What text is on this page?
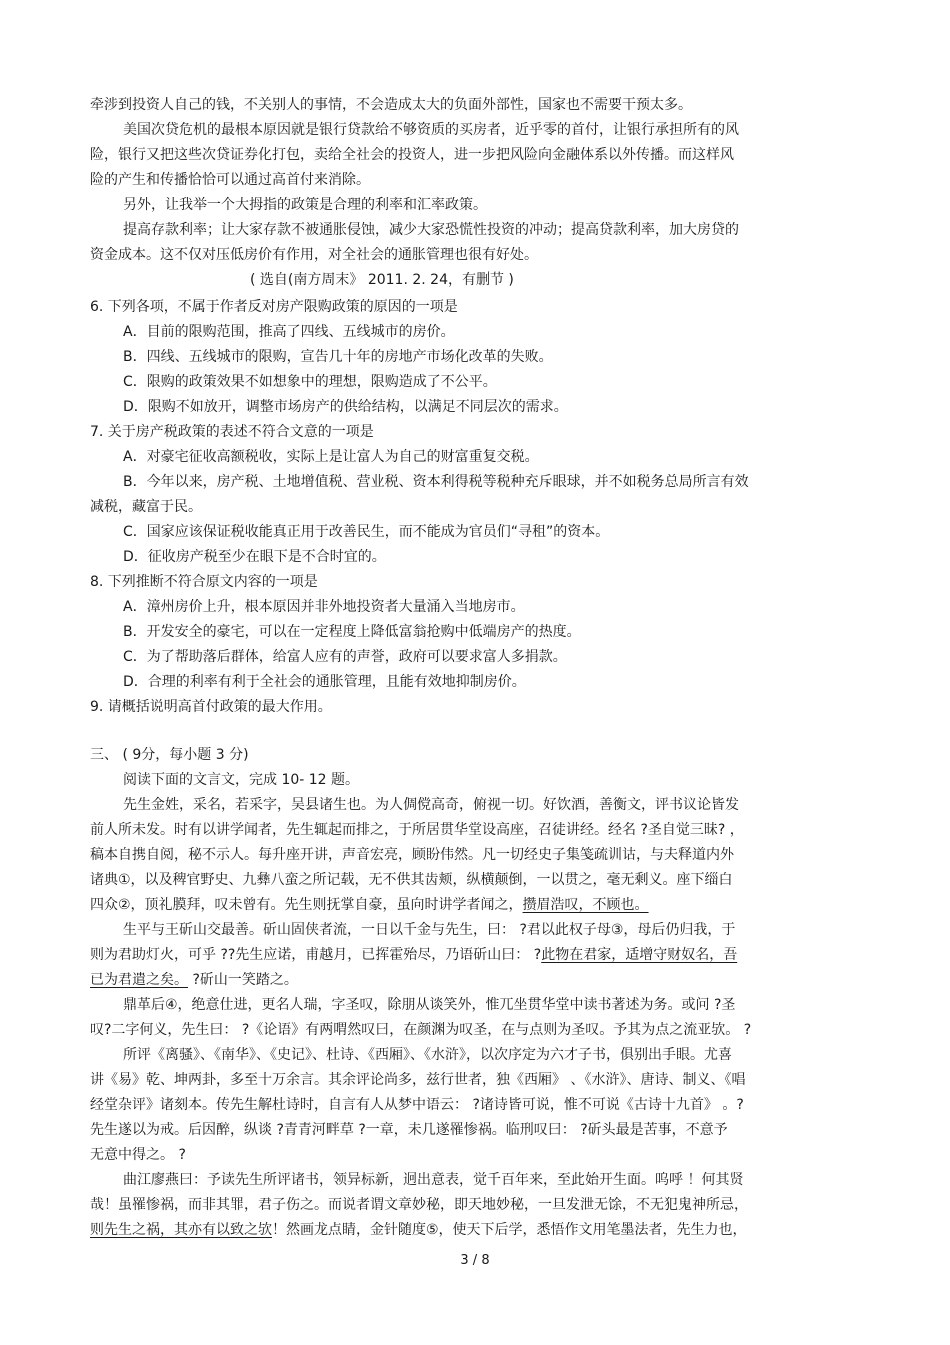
牵涉到投资人自己的钱，不关别人的事情，不会造成太大的负面外部性，国家也不需要干预太多。
美国次贷危机的最根本原因就是银行贷款给不够资质的买房者，近乎零的首付，让银行承担所有的风
险，银行又把这些次贷证券化打包，卖给全社会的投资人，进一步把风险向金融体系以外传播。而这样风
险的产生和传播恰恰可以通过高首付来消除。
另外，让我举一个大拇指的政策是合理的利率和汇率政策。
提高存款利率；让大家存款不被通胀侵蚀，减少大家恐慌性投资的冲动；提高贷款利率，加大房贷的
资金成本。这不仅对压低房价有作用，对全社会的通胀管理也很有好处。
( 选自(南方周末》 2011. 2. 24，有删节 )
6. 下列各项，不属于作者反对房产限购政策的原因的一项是
A．目前的限购范围，推高了四线、五线城市的房价。
B．四线、五线城市的限购，宣告几十年的房地产市场化改革的失败。
C．限购的政策效果不如想象中的理想，限购造成了不公平。
D．限购不如放开，调整市场房产的供给结构，以满足不同层次的需求。
7. 关于房产税政策的表述不符合文意的一项是
A．对豪宅征收高额税收，实际上是让富人为自己的财富重复交税。
B．今年以来，房产税、土地增值税、营业税、资本利得税等税种充斥眼球，并不如税务总局所言有效
减税，藏富于民。
C．国家应该保证税收能真正用于改善民生，而不能成为官员们“寻租”的资本。
D．征收房产税至少在眼下是不合时宜的。
8. 下列推断不符合原文内容的一项是
A．漳州房价上升，根本原因并非外地投资者大量涌入当地房市。
B．开发安全的豪宅，可以在一定程度上降低富翁抢购中低端房产的热度。
C．为了帮助落后群体，给富人应有的声誉，政府可以要求富人多捐款。
D．合理的利率有利于全社会的通胀管理，且能有效地抑制房价。
9. 请概括说明高首付政策的最大作用。
三、 ( 9分，每小题 3 分)
阅读下面的文言文，完成 10- 12 题。
先生金姓，采名，若采字，吴县诸生也。为人倜傥高奇，俯视一切。好饮酒，善衡文，评书议论皆发
前人所未发。时有以讲学闻者，先生辄起而排之，于所居贯华堂设高座，召徒讲经。经名 ?圣自觉三昧? ，
稿本自携自阅，秘不示人。每升座开讲，声音宏亮，顾盼伟然。凡一切经史子集笺疏训诂，与夫释道内外
诸典①，以及稗官野史、九彝八蛮之所记载，无不供其齿颊，纵横颠倒，一以贯之，毫无剩义。座下缁白
四众②，顶礼膜拜，叹未曾有。先生则抚掌自豪，虽向时讲学者闻之，攒眉浩叹，不顾也。
生平与王斫山交最善。斫山固侠者流，一日以千金与先生，曰： ?君以此权子母③，母后仍归我，于
则为君助灯火，可乎 ??先生应诺，甫越月，已挥霍殆尽，乃语斫山曰： ?此物在君家，适增守财奴名，吾
已为君遣之矣。 ?斫山一笑踏之。
鼎革后④，绝意仕进，更名人瑞，字圣叹，除朋从谈笑外，惟兀坐贯华堂中读书著述为务。或问 ?圣
叹?二字何义，先生曰： ?《论语》有两喟然叹曰，在颜渊为叹圣，在与点则为圣叹。予其为点之流亚欤。 ?
所评《离骚》、《南华》、《史记》、杜诗、《西厢》、《水浒》，以次序定为六才子书，俱别出手眼。尤喜
讲《易》乾、坤两卦，多至十万余言。其余评论尚多，兹行世者，独《西厢》 、《水浒》、唐诗、制义、《唱
经堂杂评》诸刻本。传先生解杜诗时，自言有人从梦中语云： ?诸诗皆可说，惟不可说《古诗十九首》 。?
先生遂以为戒。后因醉，纵谈 ?青青河畔草 ?一章，未几遂罹惨祸。临刑叹曰： ?斫头最是苦事，不意予
无意中得之。 ?
曲江廖燕曰：予读先生所评诸书，领异标新，迥出意表，觉千百年来，至此始开生面。呜呼 ！何其贤
哉！虽罹惨祸，而非其罪，君子伤之。而说者谓文章妙秘，即天地妙秘，一旦发泄无馀，不无犯鬼神所忌，
则先生之祸，其亦有以致之欤！然画龙点睛，金针随度⑤，使天下后学，悉悟作文用笔墨法者，先生力也，
3 / 8
